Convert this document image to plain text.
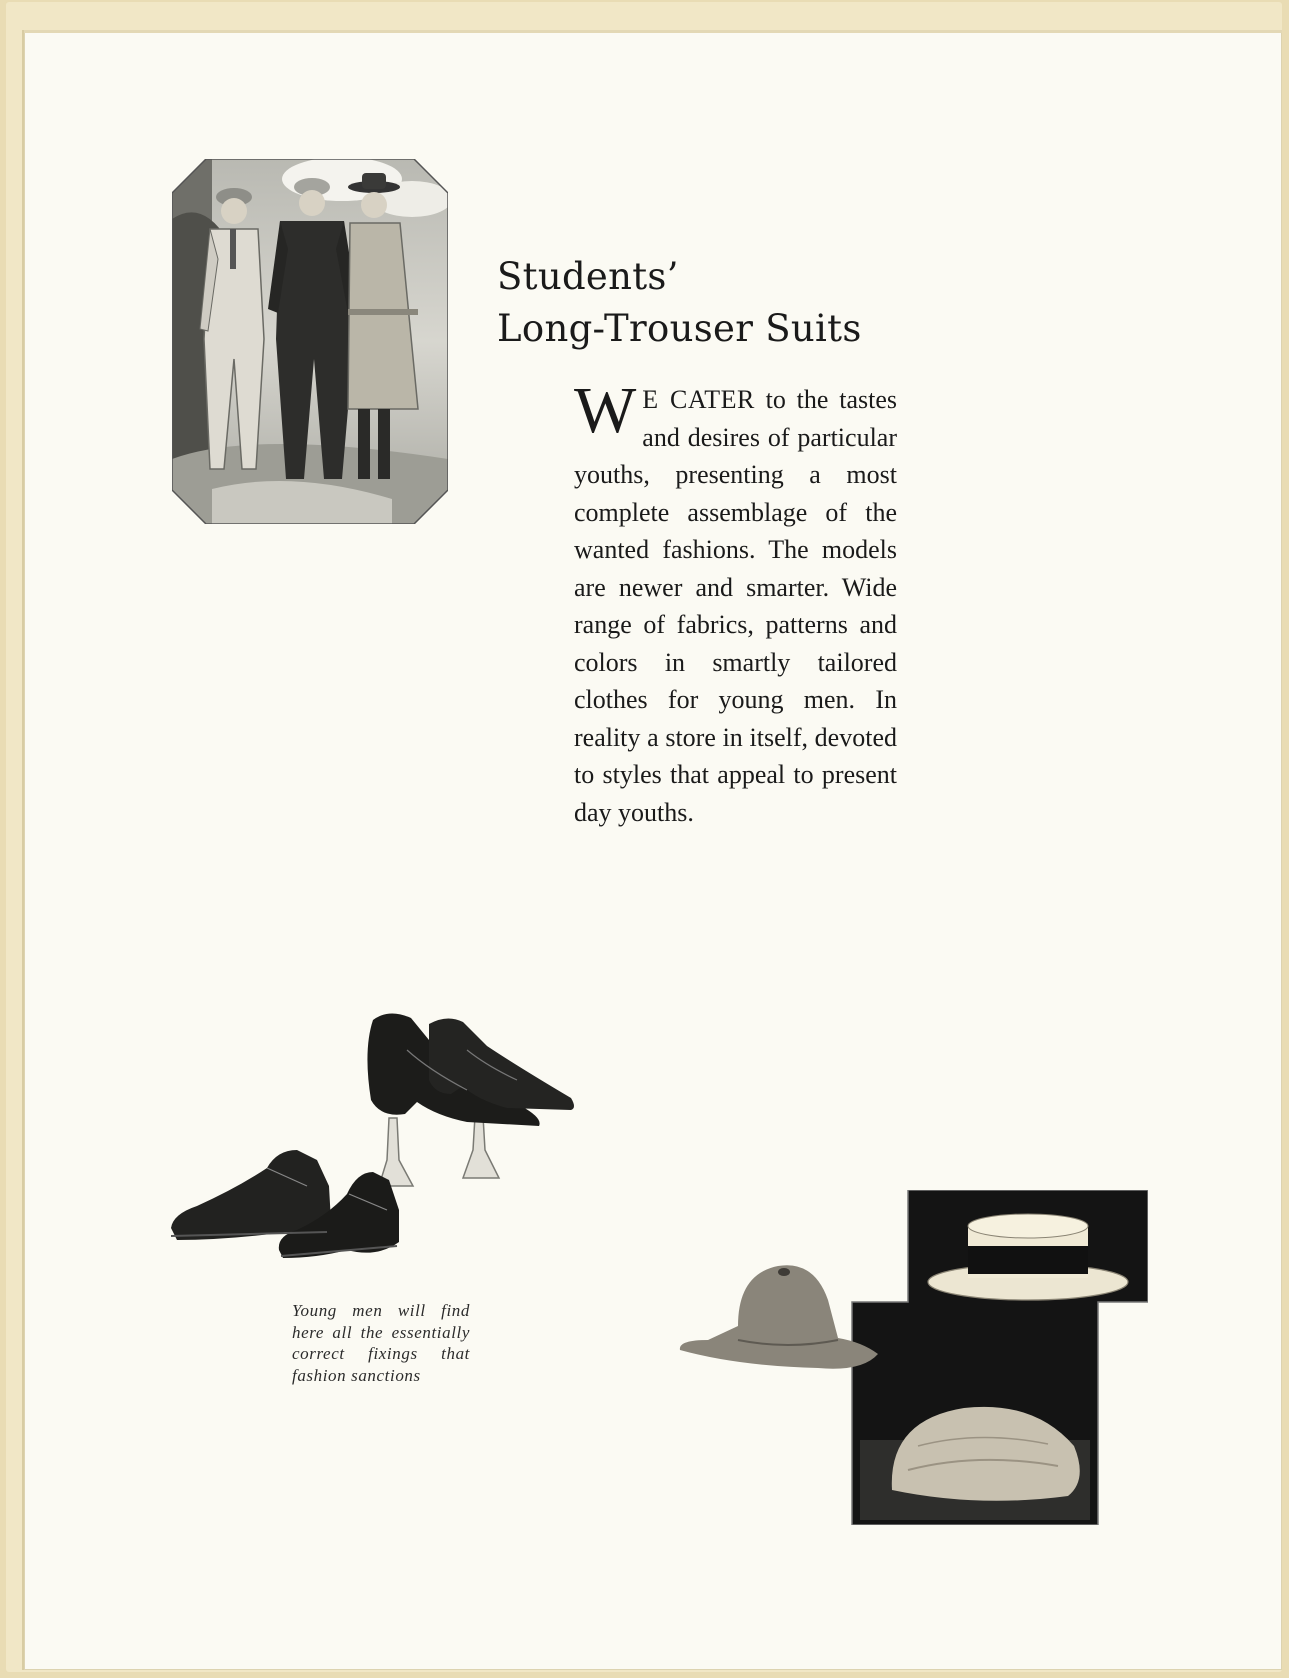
Students’
Long-Trouser Suits
W E CATER to the tastes and desires of particular youths, presenting a most complete assemblage of the wanted fashions. The models are newer and smarter. Wide range of fabrics, patterns and colors in smartly tailored clothes for young men. In reality a store in itself, devoted to styles that appeal to present day youths.

Young men will find here all the essentially correct fixings that fashion sanctions
